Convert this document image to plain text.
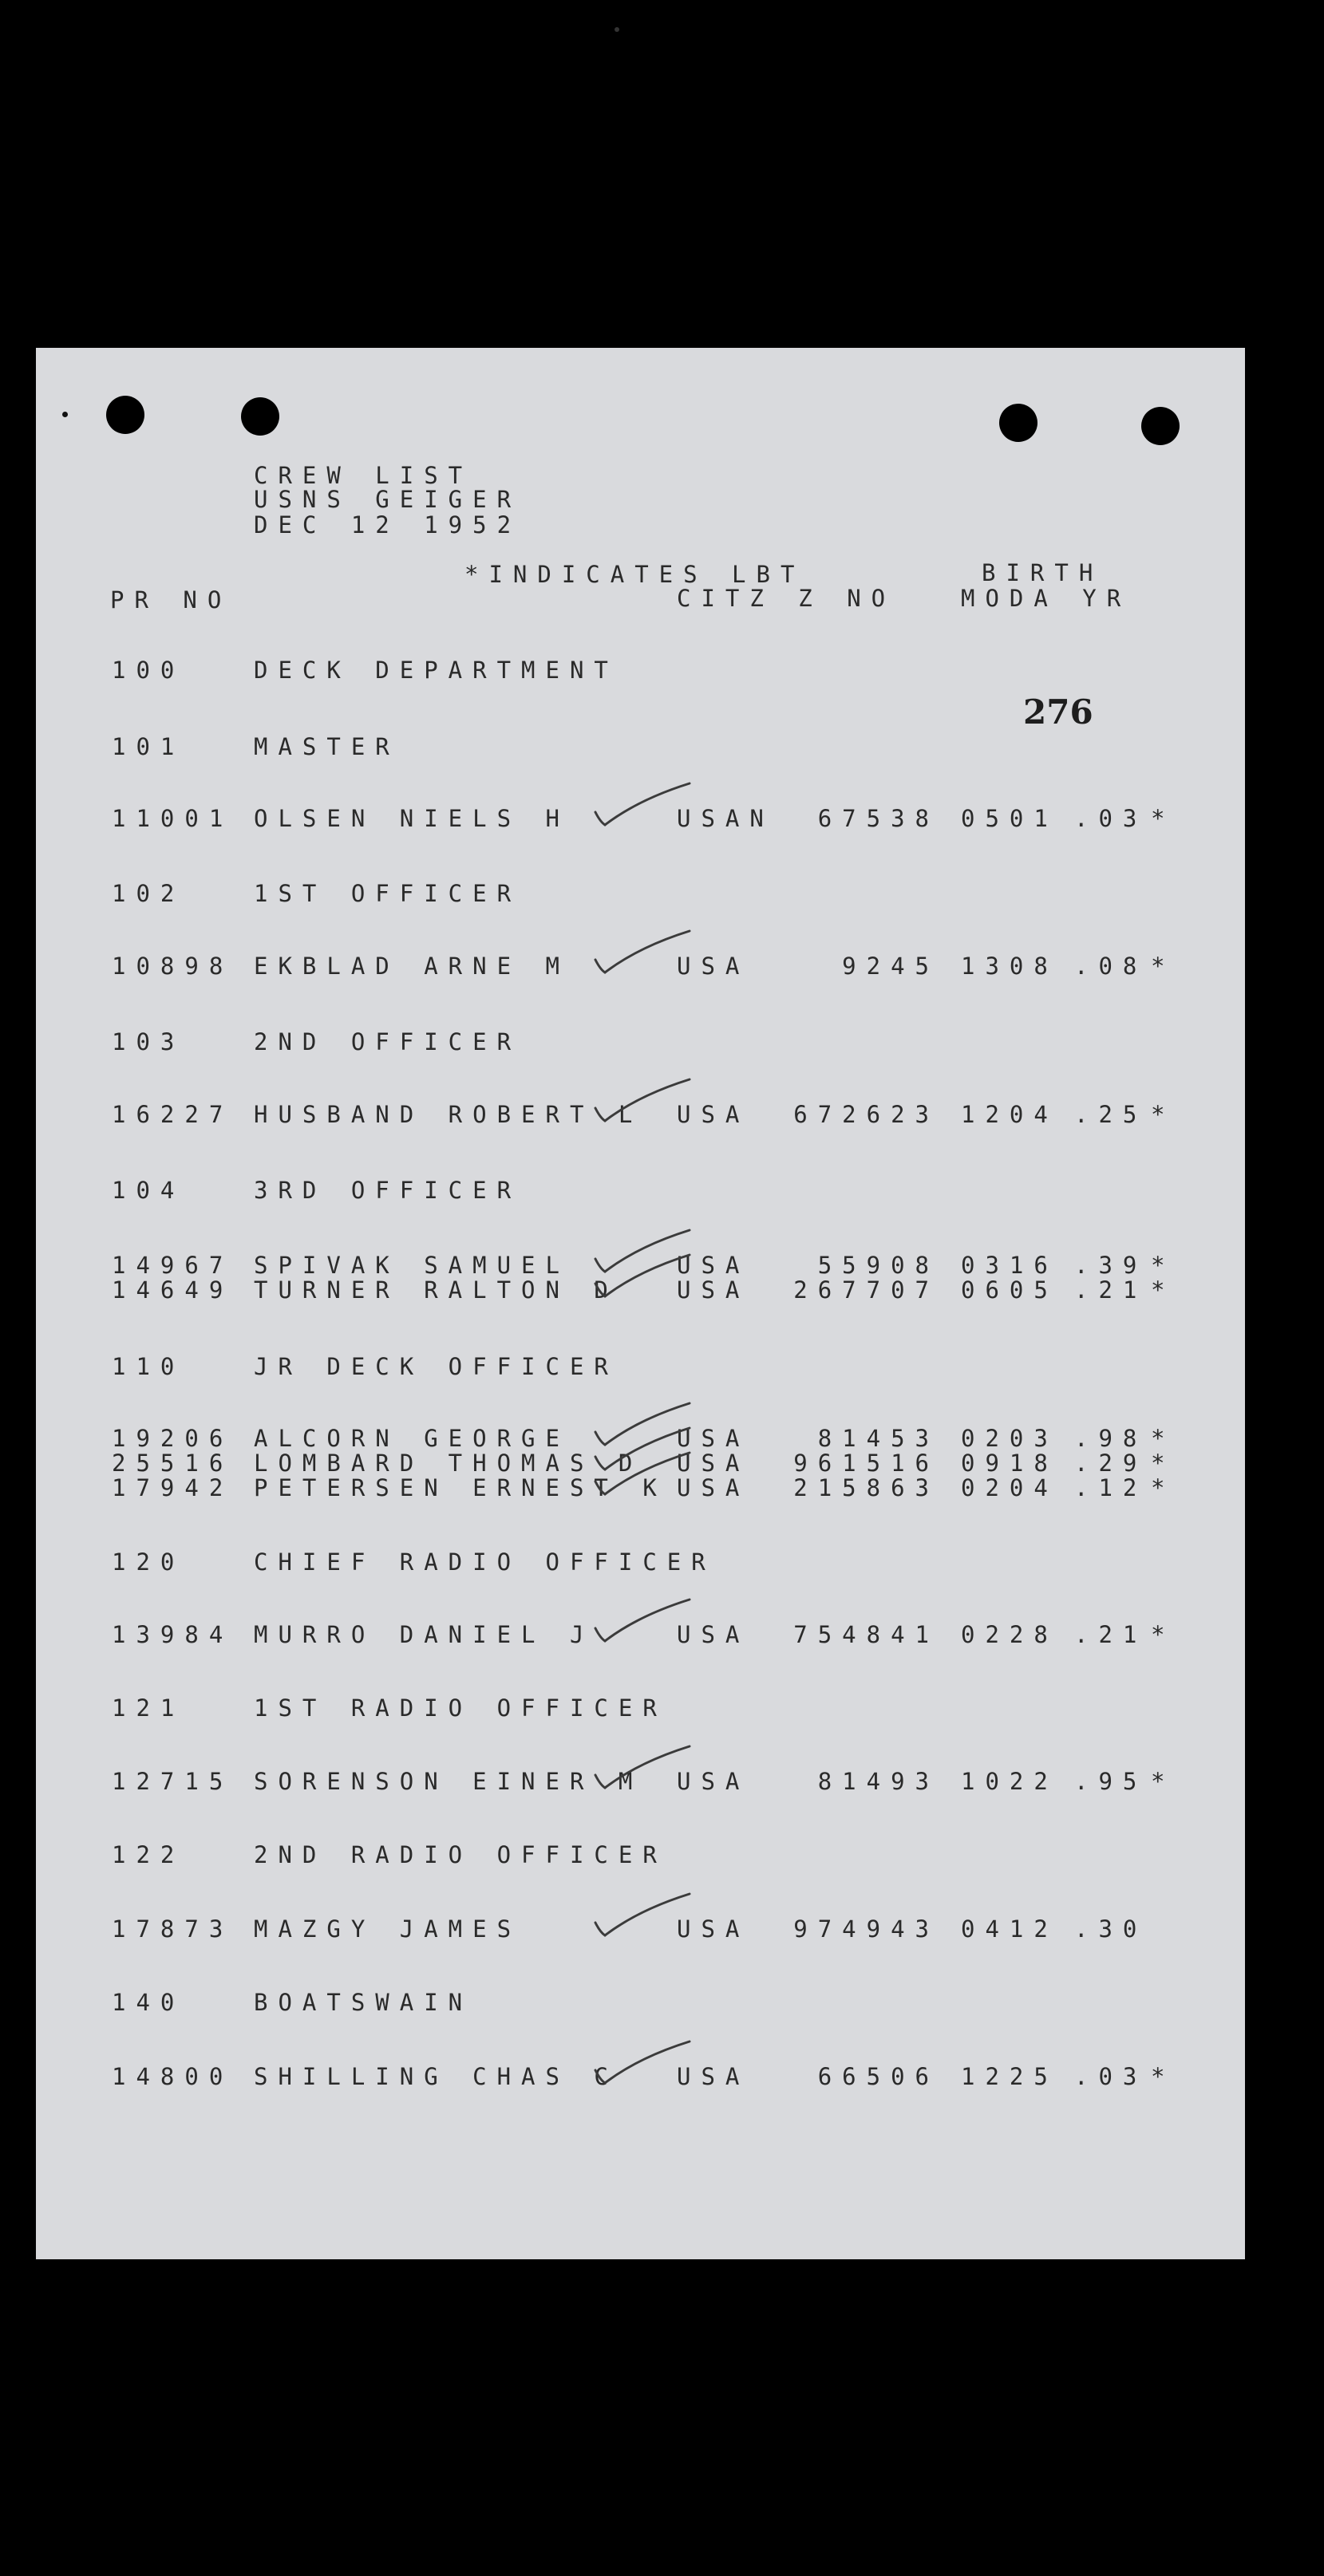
CREW LIST
USNS GEIGER
DEC 12 1952
*INDICATES LBT	BIRTH
PR NO	CITZ Z NO	MODA YR
276
100	DECK DEPARTMENT
101	MASTER
11001 OLSEN NIELS H	USAN 67538 0501 .03 *
102	1ST OFFICER
10898 EKBLAD ARNE M	USA	9245 1308 .08 *
103	2ND OFFICER
16227 HUSBAND ROBERT L USA 672623 1204 .25 *
104	3RD OFFICER
14967 SPIVAK SAMUEL	USA	55908 0316 .39 *
14649 TURNER RALTON D	USA 267707 0605 .21 *
110	JR DECK OFFICER
19206 ALCORN GEORGE	USA	81453 0203 .98 *
25516 LOMBARD THOMAS D USA 961516 0918 .29 *
17942 PETERSEN ERNEST K USA 215863 0204 .12 *
120	CHIEF RADIO OFFICER
13984 MURRO DANIEL J	USA 754841 0228 .21 *
121	1ST RADIO OFFICER
12715 SORENSON EINER M USA	81493 1022 .95 *
122	2ND RADIO OFFICER
17873 MAZGY JAMES	USA 974943 0412 .30
140	BOATSWAIN
14800 SHILLING CHAS C	USA	66506 1225 .03 *
